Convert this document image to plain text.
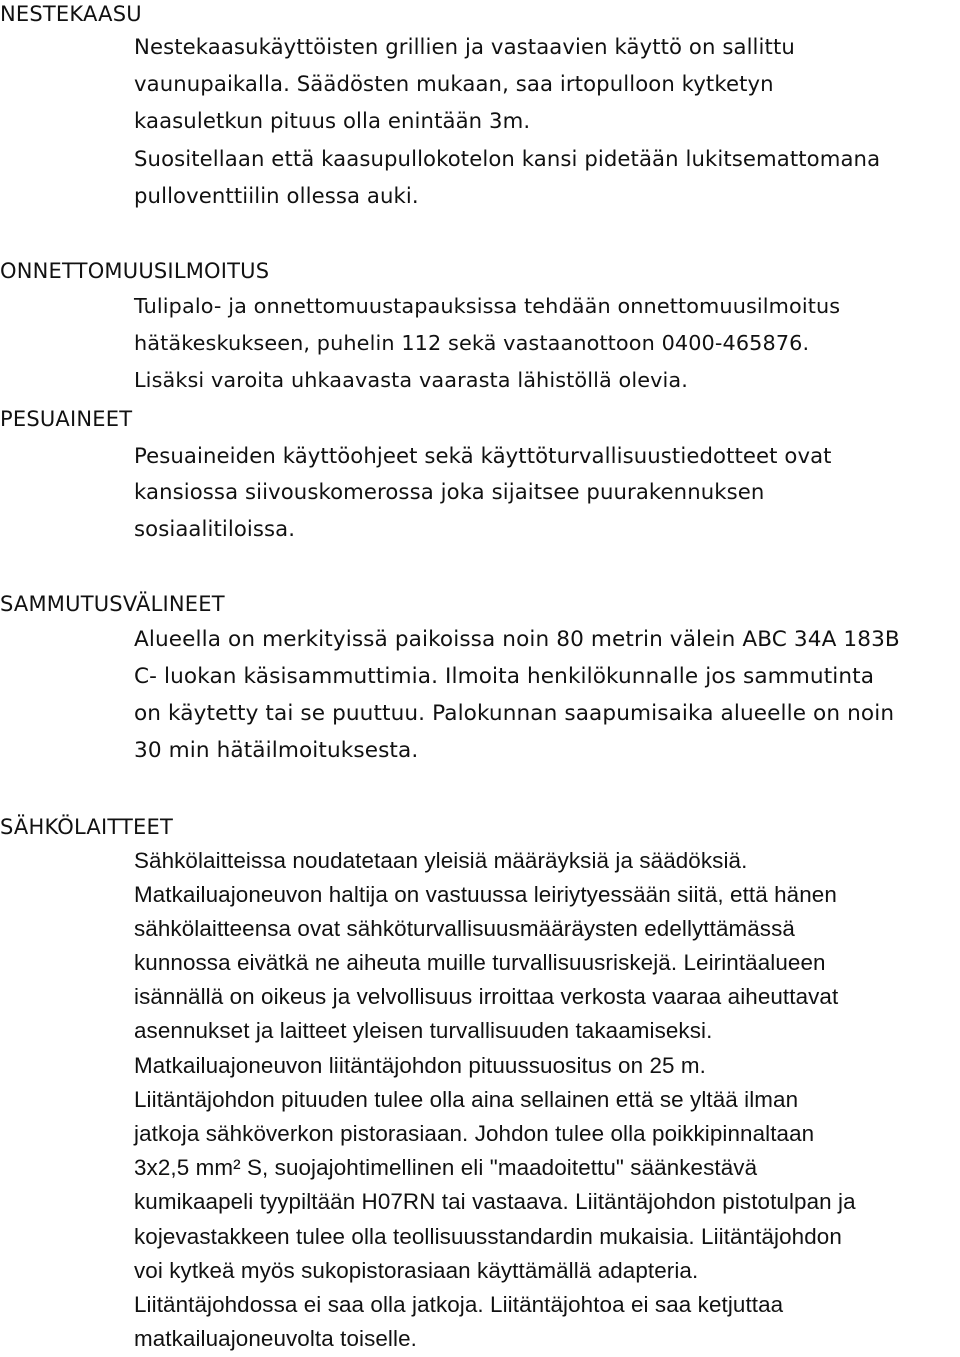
NESTEKAASU

Nestekaasukäyttöisten grillien ja vastaavien käyttö on sallittu

vaunupaikalla. Säädösten mukaan, saa irtopulloon kytketyn

kaasuletkun pituus olla enintään 3m.

Suositellaan että kaasupullokotelon kansi pidetään lukitsemattomana

pulloventtiilin ollessa auki.

ONNETTOMUUSILMOITUS

Tulipalo- ja onnettomuustapauksissa tehdään onnettomuusilmoitus

hätäkeskukseen, puhelin 112 sekä vastaanottoon 0400-465876.

Lisäksi varoita uhkaavasta vaarasta lähistöllä olevia.

PESUAINEET

Pesuaineiden käyttöohjeet sekä käyttöturvallisuustiedotteet ovat

kansiossa siivouskomerossa joka sijaitsee puurakennuksen

sosiaalitiloissa.

SAMMUTUSVÄLINEET

Alueella on merkityissä paikoissa noin 80 metrin välein ABC 34A 183B

C- luokan käsisammuttimia. Ilmoita henkilökunnalle jos sammutinta

on käytetty tai se puuttuu. Palokunnan saapumisaika alueelle on noin

30 min hätäilmoituksesta.

SÄHKÖLAITTEET

Sähkölaitteissa noudatetaan yleisiä määräyksiä ja säädöksiä.

Matkailuajoneuvon haltija on vastuussa leiriytyessään siitä, että hänen

sähkölaitteensa ovat sähköturvallisuusmääräysten edellyttämässä

kunnossa eivätkä ne aiheuta muille turvallisuusriskejä. Leirintäalueen

isännällä on oikeus ja velvollisuus irroittaa verkosta vaaraa aiheuttavat

asennukset ja laitteet yleisen turvallisuuden takaamiseksi.

Matkailuajoneuvon liitäntäjohdon pituussuositus on 25 m.

Liitäntäjohdon pituuden tulee olla aina sellainen että se yltää ilman

jatkoja sähköverkon pistorasiaan. Johdon tulee olla poikkipinnaltaan

3x2,5 mm² S, suojajohtimellinen eli "maadoitettu" säänkestävä

kumikaapeli tyypiltään H07RN tai vastaava. Liitäntäjohdon pistotulpan ja

kojevastakkeen tulee olla teollisuusstandardin mukaisia. Liitäntäjohdon

voi kytkeä myös sukopistorasiaan käyttämällä adapteria.

Liitäntäjohdossa ei saa olla jatkoja. Liitäntäjohtoa ei saa ketjuttaa

matkailuajoneuvolta toiselle.
